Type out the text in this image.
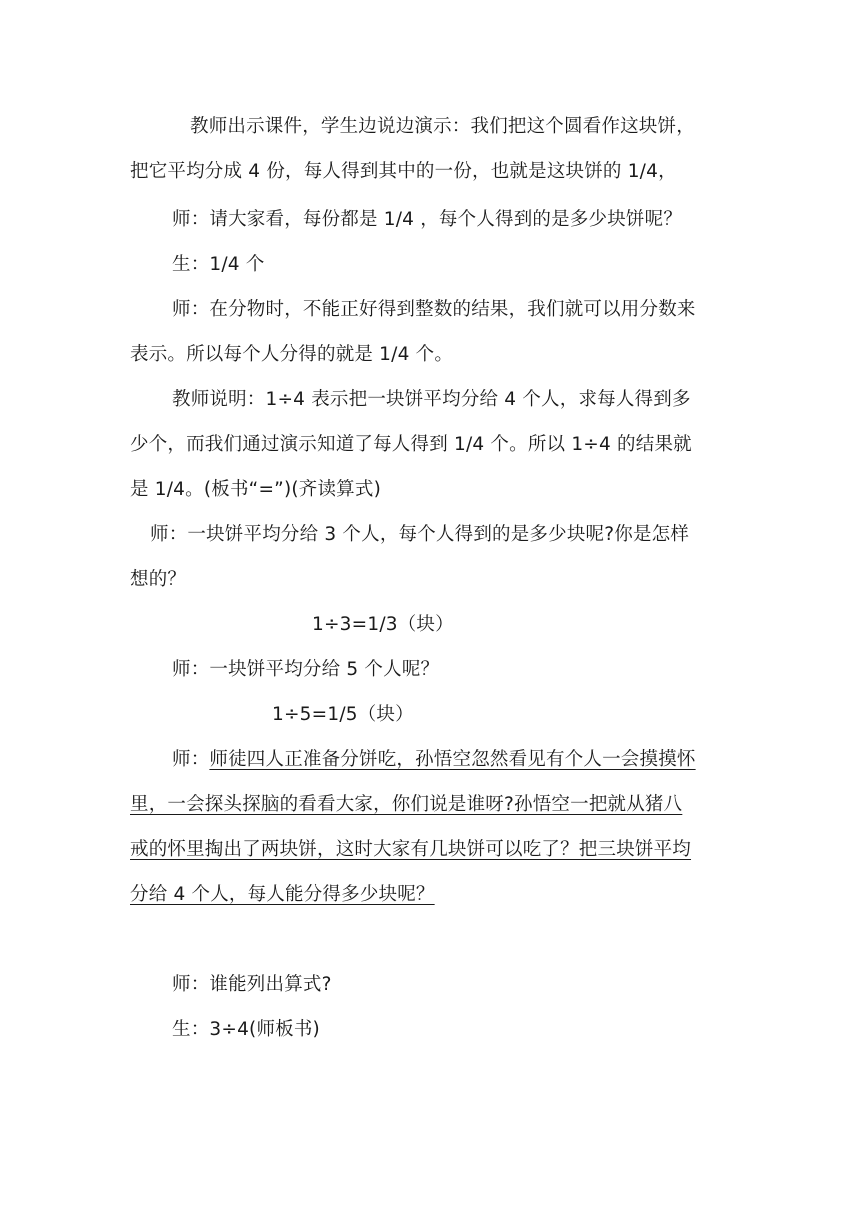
教师出示课件，学生边说边演示：我们把这个圆看作这块饼，

把它平均分成 4 份，每人得到其中的一份，也就是这块饼的 1/4，

师：请大家看，每份都是 1/4 ，每个人得到的是多少块饼呢？

生：1/4 个

师：在分物时，不能正好得到整数的结果，我们就可以用分数来

表示。所以每个人分得的就是 1/4 个。

教师说明：1÷4 表示把一块饼平均分给 4 个人，求每人得到多

少个，而我们通过演示知道了每人得到 1/4 个。所以 1÷4 的结果就

是 1/4。(板书“=”)(齐读算式)

师：一块饼平均分给 3 个人，每个人得到的是多少块呢?你是怎样

想的？

1÷3=1/3（块）

师：一块饼平均分给 5 个人呢？

1÷5=1/5（块）

师：师徒四人正准备分饼吃，孙悟空忽然看见有个人一会摸摸怀

里，一会探头探脑的看看大家，你们说是谁呀?孙悟空一把就从猪八

戒的怀里掏出了两块饼，这时大家有几块饼可以吃了？把三块饼平均

分给 4 个人，每人能分得多少块呢？

师：谁能列出算式?

生：3÷4(师板书)
